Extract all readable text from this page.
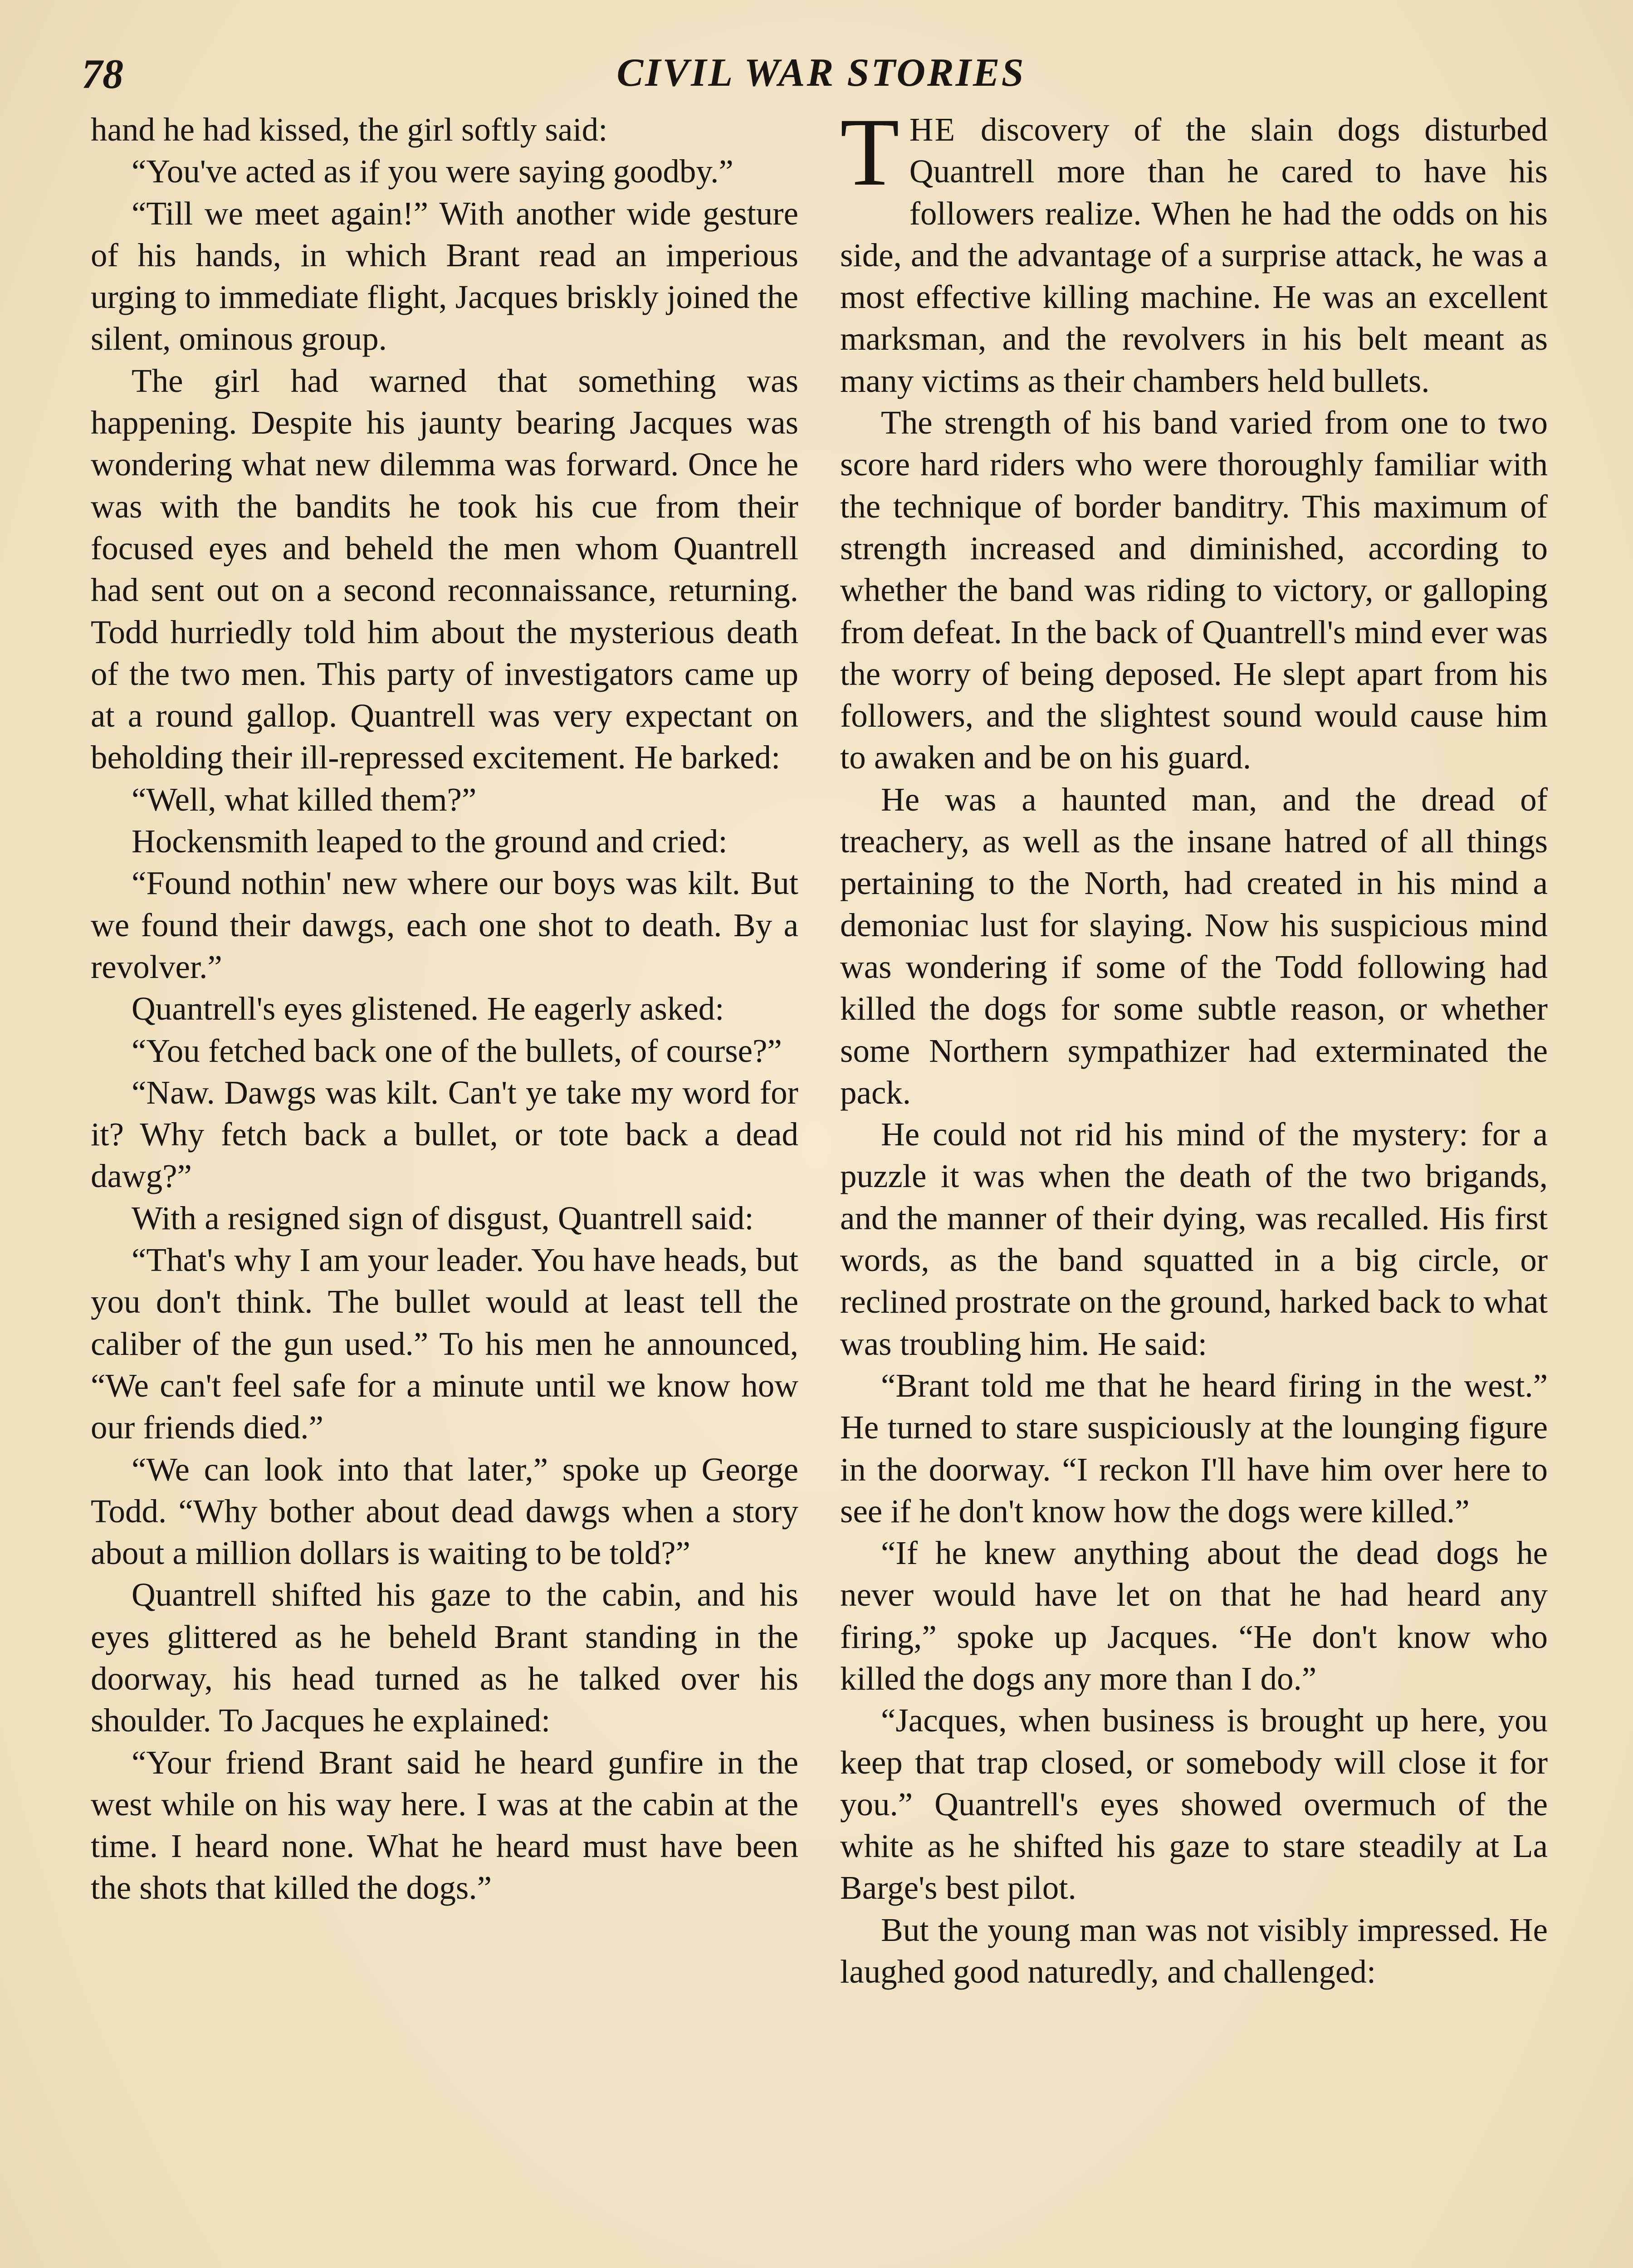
78	CIVIL WAR STORIES

hand he had kissed, the girl softly said:

“You've acted as if you were saying goodby.”

“Till we meet again!” With another wide gesture of his hands, in which Brant read an imperious urging to immediate flight, Jacques briskly joined the silent, ominous group.

The girl had warned that something was happening. Despite his jaunty bearing Jacques was wondering what new dilemma was forward. Once he was with the bandits he took his cue from their focused eyes and beheld the men whom Quantrell had sent out on a second reconnaissance, returning. Todd hurriedly told him about the mysterious death of the two men. This party of investigators came up at a round gallop. Quantrell was very expectant on beholding their ill-repressed excitement. He barked:

“Well, what killed them?”

Hockensmith leaped to the ground and cried:

“Found nothin' new where our boys was kilt. But we found their dawgs, each one shot to death. By a revolver.”

Quantrell's eyes glistened. He eagerly asked:

“You fetched back one of the bullets, of course?”

“Naw. Dawgs was kilt. Can't ye take my word for it? Why fetch back a bullet, or tote back a dead dawg?”

With a resigned sign of disgust, Quantrell said:

“That's why I am your leader. You have heads, but you don't think. The bullet would at least tell the caliber of the gun used.” To his men he announced, “We can't feel safe for a minute until we know how our friends died.”

“We can look into that later,” spoke up George Todd. “Why bother about dead dawgs when a story about a million dollars is waiting to be told?”

Quantrell shifted his gaze to the cabin, and his eyes glittered as he beheld Brant standing in the doorway, his head turned as he talked over his shoulder. To Jacques he explained:

“Your friend Brant said he heard gunfire in the west while on his way here. I was at the cabin at the time. I heard none. What he heard must have been the shots that killed the dogs.”

THE discovery of the slain dogs disturbed Quantrell more than he cared to have his followers realize. When he had the odds on his side, and the advantage of a surprise attack, he was a most effective killing machine. He was an excellent marksman, and the revolvers in his belt meant as many victims as their chambers held bullets.

The strength of his band varied from one to two score hard riders who were thoroughly familiar with the technique of border banditry. This maximum of strength increased and diminished, according to whether the band was riding to victory, or galloping from defeat. In the back of Quantrell's mind ever was the worry of being deposed. He slept apart from his followers, and the slightest sound would cause him to awaken and be on his guard.

He was a haunted man, and the dread of treachery, as well as the insane hatred of all things pertaining to the North, had created in his mind a demoniac lust for slaying. Now his suspicious mind was wondering if some of the Todd following had killed the dogs for some subtle reason, or whether some Northern sympathizer had exterminated the pack.

He could not rid his mind of the mystery: for a puzzle it was when the death of the two brigands, and the manner of their dying, was recalled. His first words, as the band squatted in a big circle, or reclined prostrate on the ground, harked back to what was troubling him. He said:

“Brant told me that he heard firing in the west.” He turned to stare suspiciously at the lounging figure in the doorway. “I reckon I'll have him over here to see if he don't know how the dogs were killed.”

“If he knew anything about the dead dogs he never would have let on that he had heard any firing,” spoke up Jacques. “He don't know who killed the dogs any more than I do.”

“Jacques, when business is brought up here, you keep that trap closed, or somebody will close it for you.” Quantrell's eyes showed overmuch of the white as he shifted his gaze to stare steadily at La Barge's best pilot.

But the young man was not visibly impressed. He laughed good naturedly, and challenged:
